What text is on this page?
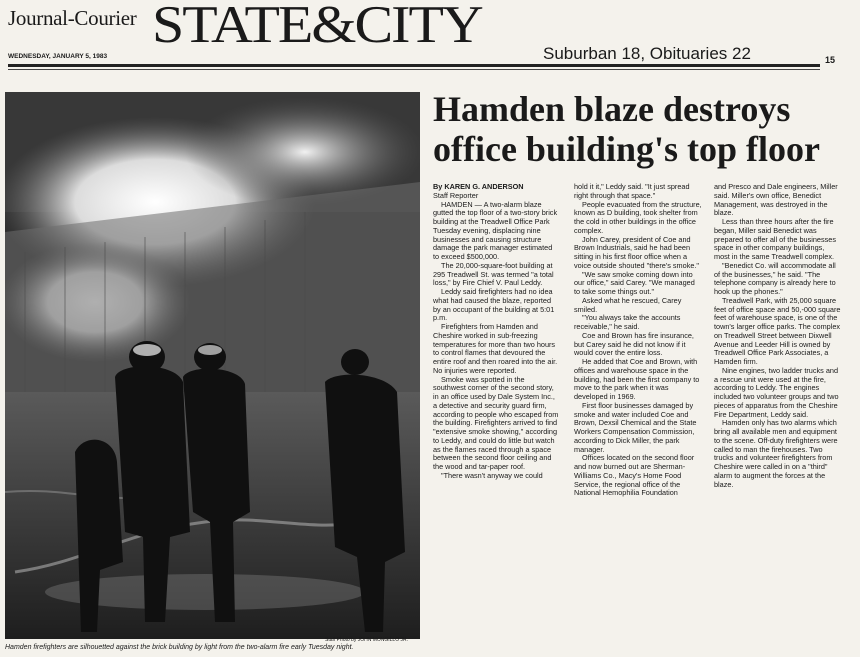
Journal-Courier
WEDNESDAY, JANUARY 5, 1983
STATE&CITY	Suburban 18, Obituaries 22	15
Staff Photo by JOHN MONGILLO JR.
Hamden firefighters are silhouetted against the brick building by light from the two-alarm fire early Tuesday night.
Hamden blaze destroys office building's top floor

By KAREN G. ANDERSON

Staff Reporter

HAMDEN — A two-alarm blaze gutted the top floor of a two-story brick building at the Treadwell Office Park Tuesday evening, displacing nine businesses and causing structure damage the park manager estimated to exceed $500,000.

The 20,000-square-foot building at 295 Treadwell St. was termed "a total loss," by Fire Chief V. Paul Leddy.

Leddy said firefighters had no idea what had caused the blaze, reported by an occupant of the building at 5:01 p.m.

Firefighters from Hamden and Cheshire worked in sub-freezing temperatures for more than two hours to control flames that devoured the entire roof and then roared into the air. No injuries were reported.

Smoke was spotted in the southwest corner of the second story, in an office used by Dale System Inc., a detective and security guard firm, according to people who escaped from the building. Firefighters arrived to find "extensive smoke showing," according to Leddy, and could do little but watch as the flames raced through a space between the second floor ceiling and the wood and tar-paper roof.

"There wasn't anyway we could

hold it it," Leddy said. "It just spread right through that space."

People evacuated from the structure, known as D building, took shelter from the cold in other buildings in the office complex.

John Carey, president of Coe and Brown Industrials, said he had been sitting in his first floor office when a voice outside shouted "there's smoke."

"We saw smoke coming down into our office," said Carey. "We managed to take some things out."

Asked what he rescued, Carey smiled.

"You always take the accounts receivable," he said.

Coe and Brown has fire insurance, but Carey said he did not know if it would cover the entire loss.

He added that Coe and Brown, with offices and warehouse space in the building, had been the first company to move to the park when it was developed in 1969.

First floor businesses damaged by smoke and water included Coe and Brown, Dexsil Chemical and the State Workers Compensation Commission, according to Dick Miller, the park manager.

Offices located on the second floor and now burned out are Sherman-Williams Co., Macy's Home Food Service, the regional office of the National Hemophilia Foundation

and Presco and Dale engineers, Miller said. Miller's own office, Benedict Management, was destroyed in the blaze.

Less than three hours after the fire began, Miller said Benedict was prepared to offer all of the businesses space in other company buildings, most in the same Treadwell complex.

"Benedict Co. will accommodate all of the businesses," he said. "The telephone company is already here to hook up the phones."

Treadwell Park, with 25,000 square feet of office space and 50,-000 square feet of warehouse space, is one of the town's larger office parks. The complex on Treadwell Street between Dixwell Avenue and Leeder Hill is owned by Treadwell Office Park Associates, a Hamden firm.

Nine engines, two ladder trucks and a rescue unit were used at the fire, according to Leddy. The engines included two volunteer groups and two pieces of apparatus from the Cheshire Fire Department, Leddy said.

Hamden only has two alarms which bring all available men and equipment to the scene. Off-duty firefighters were called to man the firehouses. Two trucks and volunteer firefighters from Cheshire were called in on a "third" alarm to augment the forces at the blaze.
